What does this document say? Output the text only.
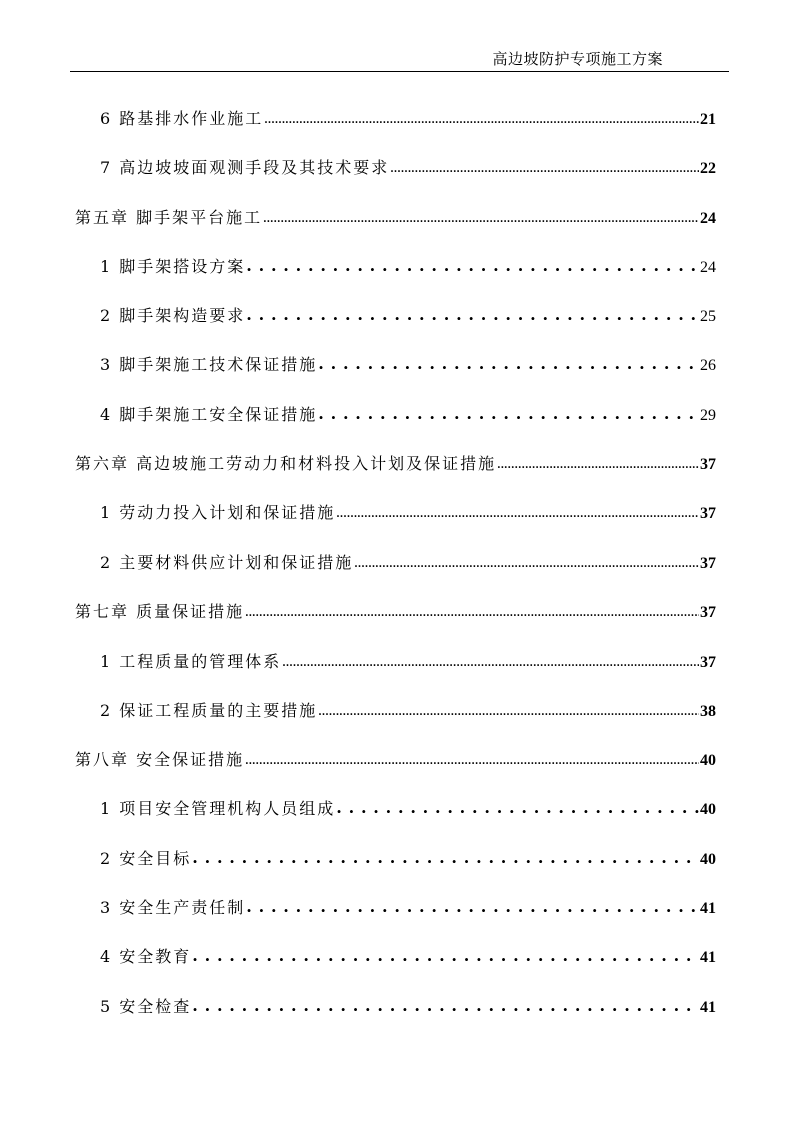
高边坡防护专项施工方案
6 路基排水作业施工 .....	21
7 高边坡坡面观测手段及其技术要求 .....	22
第五章 脚手架平台施工 .....	24
1 脚手架搭设方案 . . .	24
2 脚手架构造要求 . . .	25
3 脚手架施工技术保证措施 . . .	26
4 脚手架施工安全保证措施 . . .	29
第六章 高边坡施工劳动力和材料投入计划及保证措施 .....	37
1 劳动力投入计划和保证措施 .....	37
2 主要材料供应计划和保证措施 .....	37
第七章 质量保证措施 .....	37
1 工程质量的管理体系 .....	37
2 保证工程质量的主要措施 .....	38
第八章 安全保证措施 .....	40
1 项目安全管理机构人员组成 . . .	40
2 安全目标 . . .	40
3 安全生产责任制 . . .	41
4 安全教育 . . .	41
5 安全检查 . . .	41
